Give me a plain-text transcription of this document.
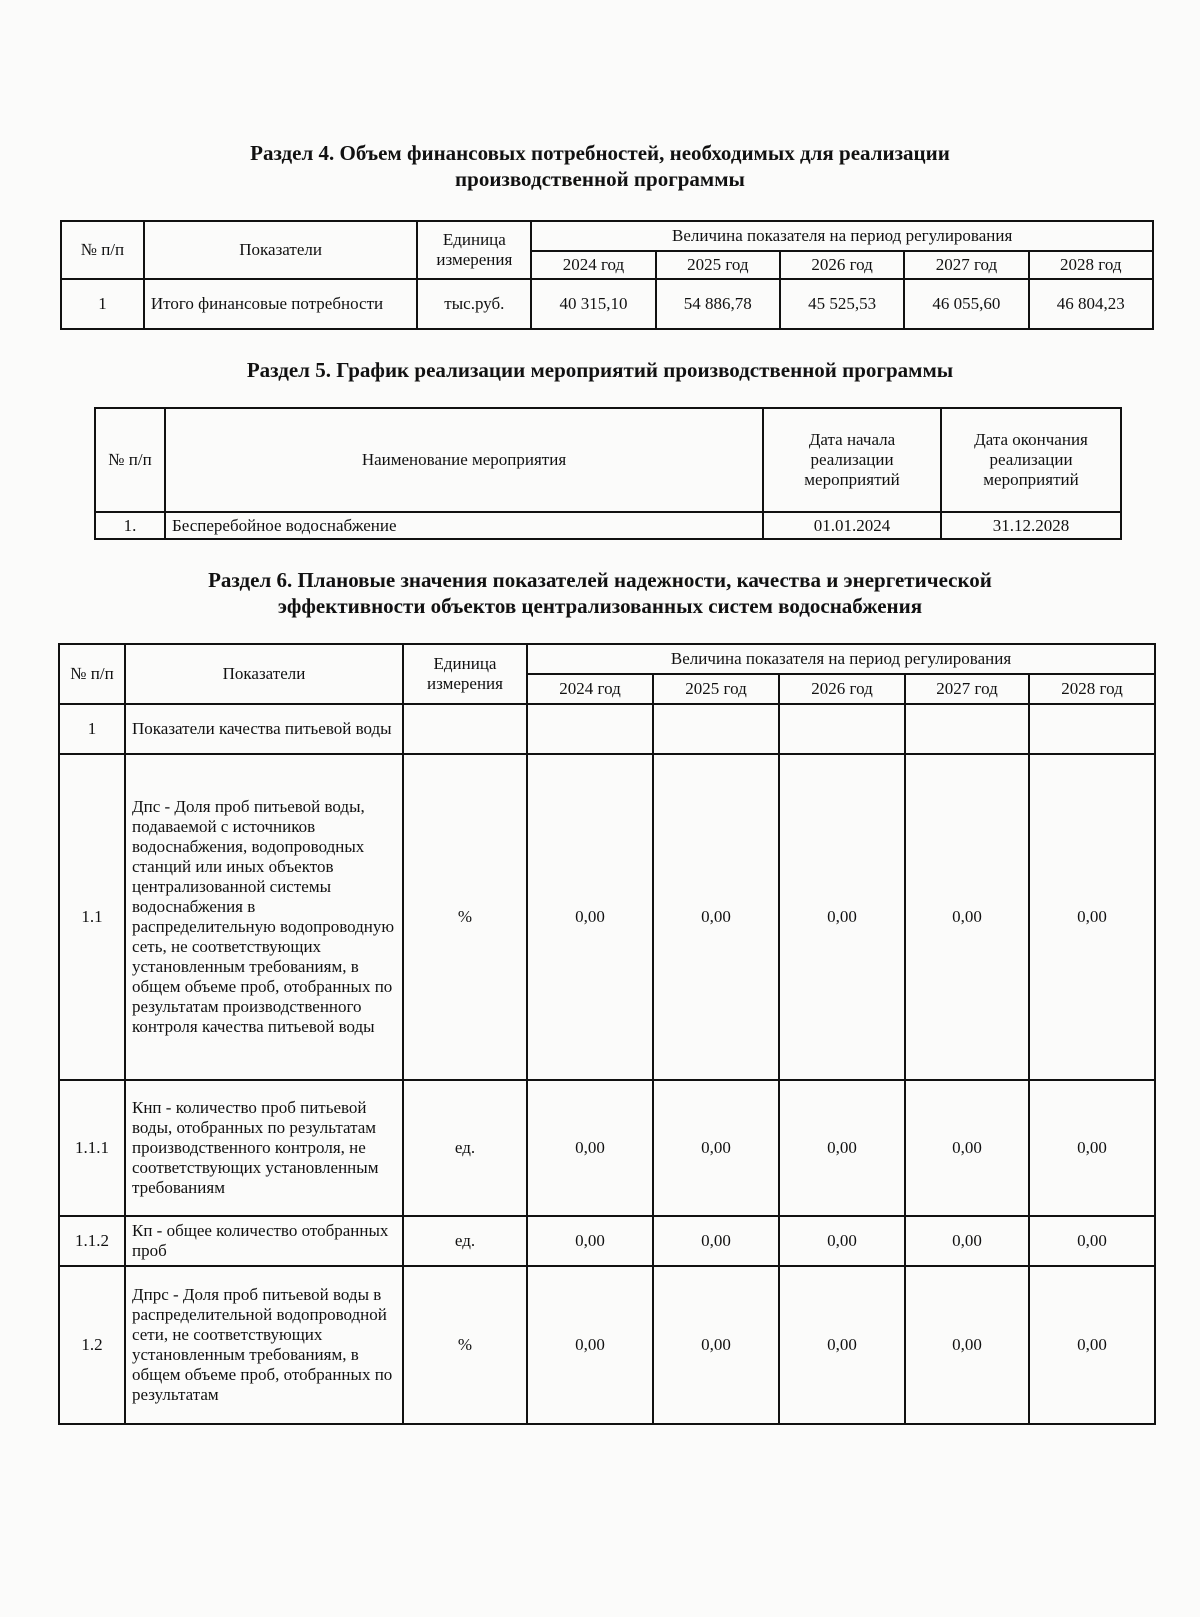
Раздел 4. Объем финансовых потребностей, необходимых для реализации
производственной программы
№ п/п	Показатели	Единица измерения	Величина показателя на период регулирования				
			2024 год	2025 год	2026 год	2027 год	2028 год
1	Итого финансовые потребности	тыс.руб.	40 315,10	54 886,78	45 525,53	46 055,60	46 804,23
Раздел 5. График реализации мероприятий производственной программы
№ п/п	Наименование мероприятия	Дата начала реализации мероприятий	Дата окончания реализации мероприятий
1.	Бесперебойное водоснабжение	01.01.2024	31.12.2028
Раздел 6. Плановые значения показателей надежности, качества и энергетической
эффективности объектов централизованных систем водоснабжения
№ п/п	Показатели	Единица измерения	Величина показателя на период регулирования				
			2024 год	2025 год	2026 год	2027 год	2028 год
1	Показатели качества питьевой воды						
1.1	Дпс - Доля проб питьевой воды, подаваемой с источников водоснабжения, водопроводных станций или иных объектов централизованной системы водоснабжения в распределительную водопроводную сеть, не соответствующих установленным требованиям, в общем объеме проб, отобранных по результатам производственного контроля качества питьевой воды	%	0,00	0,00	0,00	0,00	0,00
1.1.1	Кнп - количество проб питьевой воды, отобранных по результатам производственного контроля, не соответствующих установленным требованиям	ед.	0,00	0,00	0,00	0,00	0,00
1.1.2	Кп - общее количество отобранных проб	ед.	0,00	0,00	0,00	0,00	0,00
1.2	Дпрс - Доля проб питьевой воды в распределительной водопроводной сети, не соответствующих установленным требованиям, в общем объеме проб, отобранных по результатам	%	0,00	0,00	0,00	0,00	0,00
